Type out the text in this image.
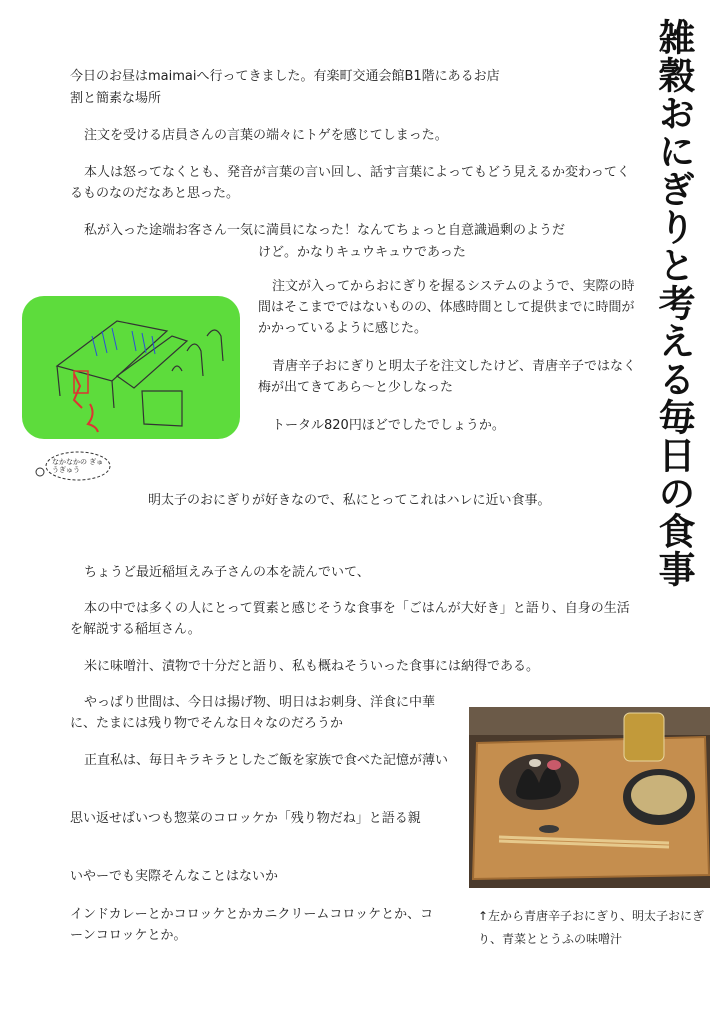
雑穀おにぎりと考える毎日の食事

今日のお昼はmaimaiへ行ってきました。有楽町交通会館B1階にあるお店

割と簡素な場所

注文を受ける店員さんの言葉の端々にトゲを感じてしまった。

本人は怒ってなくとも、発音が言葉の言い回し、話す言葉によってもどう見えるか変わってくるものなのだなあと思った。

私が入った途端お客さん一気に満員になった！なんてちょっと自意識過剰のようだ

けど。かなりキュウキュウであった

なかなかの ぎゅうぎゅう

注文が入ってからおにぎりを握るシステムのようで、実際の時間はそこまでではないものの、体感時間として提供までに時間がかかっているように感じた。

青唐辛子おにぎりと明太子を注文したけど、青唐辛子ではなく梅が出てきてあら〜と少しなった

トータル820円ほどでしたでしょうか。

明太子のおにぎりが好きなので、私にとってこれはハレに近い食事。

ちょうど最近稲垣えみ子さんの本を読んでいて、

本の中では多くの人にとって質素と感じそうな食事を「ごはんが大好き」と語り、自身の生活を解説する稲垣さん。

米に味噌汁、漬物で十分だと語り、私も概ねそういった食事には納得である。

やっぱり世間は、今日は揚げ物、明日はお刺身、洋食に中華に、たまには残り物でそんな日々なのだろうか

正直私は、毎日キラキラとしたご飯を家族で食べた記憶が薄い

思い返せばいつも惣菜のコロッケか「残り物だね」と語る親

いやーでも実際そんなことはないか

インドカレーとかコロッケとかカニクリームコロッケとか、コーンコロッケとか。

↑左から青唐辛子おにぎり、明太子おにぎり、青菜ととうふの味噌汁
